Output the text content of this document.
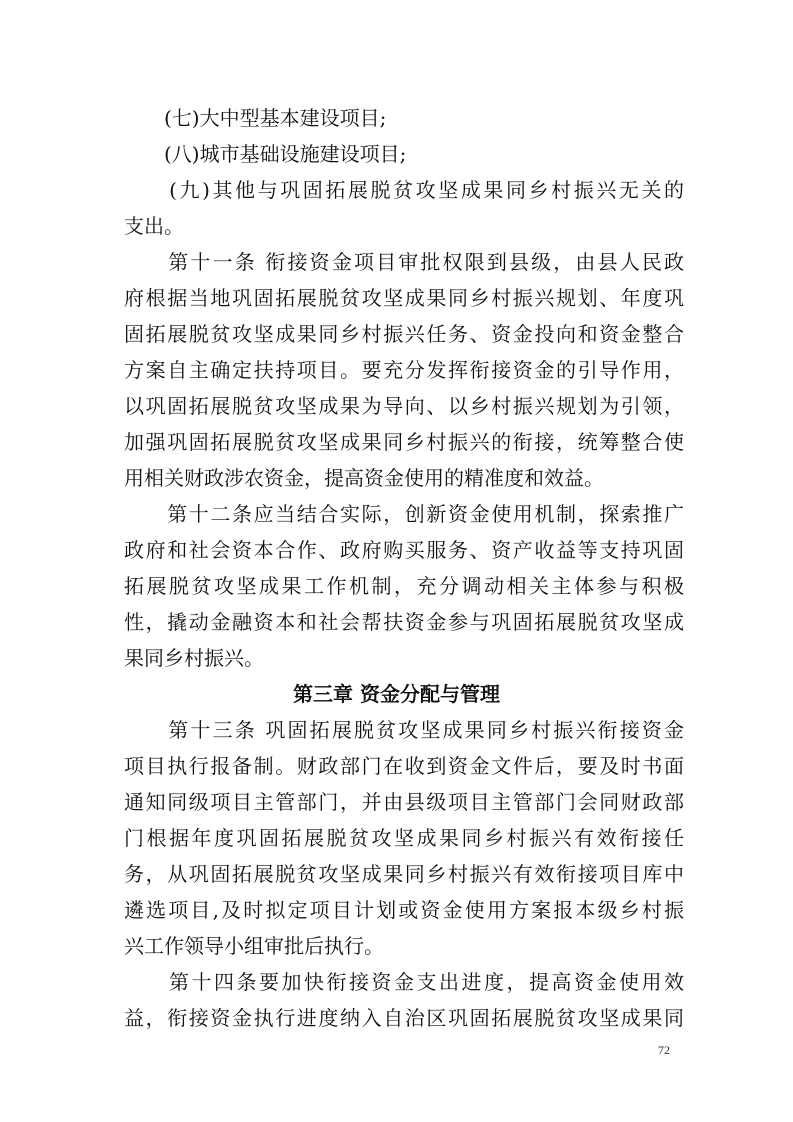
　　(七)大中型基本建设项目;
　　(八)城市基础设施建设项目;
　　(九)其他与巩固拓展脱贫攻坚成果同乡村振兴无关的
支出。
　　第十一条 衔接资金项目审批权限到县级，由县人民政
府根据当地巩固拓展脱贫攻坚成果同乡村振兴规划、年度巩
固拓展脱贫攻坚成果同乡村振兴任务、资金投向和资金整合
方案自主确定扶持项目。要充分发挥衔接资金的引导作用，
以巩固拓展脱贫攻坚成果为导向、以乡村振兴规划为引领，
加强巩固拓展脱贫攻坚成果同乡村振兴的衔接，统筹整合使
用相关财政涉农资金，提高资金使用的精准度和效益。
　　第十二条应当结合实际，创新资金使用机制，探索推广
政府和社会资本合作、政府购买服务、资产收益等支持巩固
拓展脱贫攻坚成果工作机制，充分调动相关主体参与积极
性，撬动金融资本和社会帮扶资金参与巩固拓展脱贫攻坚成
果同乡村振兴。
第三章 资金分配与管理
　　第十三条 巩固拓展脱贫攻坚成果同乡村振兴衔接资金
项目执行报备制。财政部门在收到资金文件后，要及时书面
通知同级项目主管部门，并由县级项目主管部门会同财政部
门根据年度巩固拓展脱贫攻坚成果同乡村振兴有效衔接任
务，从巩固拓展脱贫攻坚成果同乡村振兴有效衔接项目库中
遴选项目,及时拟定项目计划或资金使用方案报本级乡村振
兴工作领导小组审批后执行。
　　第十四条要加快衔接资金支出进度，提高资金使用效
益，衔接资金执行进度纳入自治区巩固拓展脱贫攻坚成果同
72
